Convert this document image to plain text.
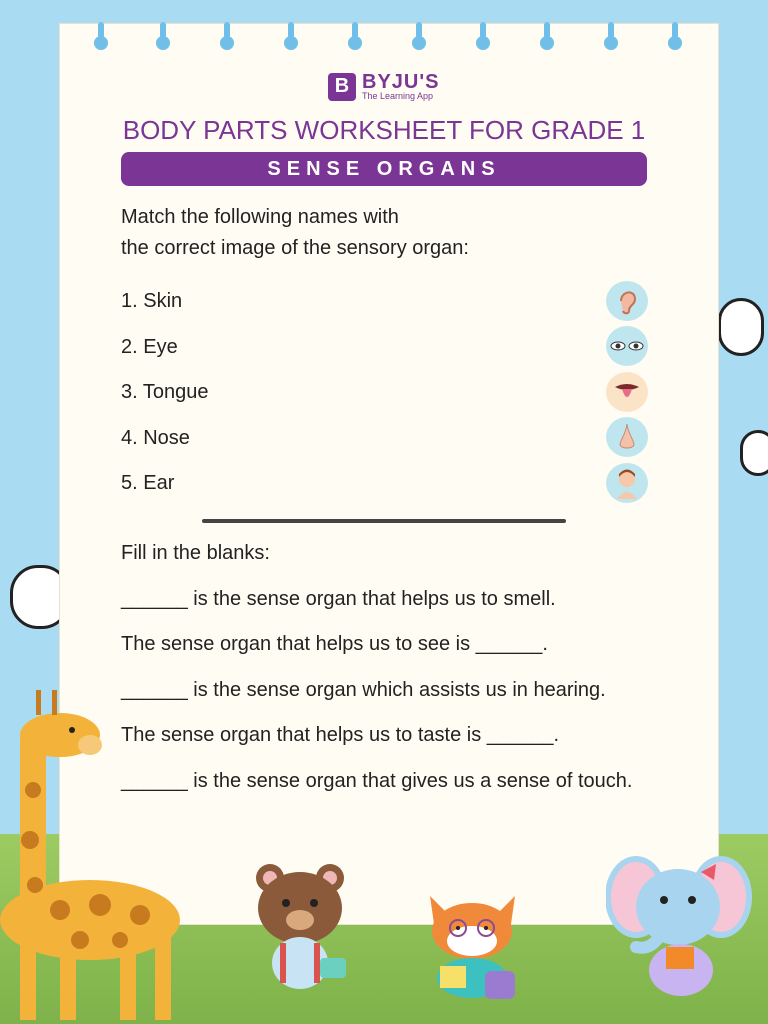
B BYJU'S
The Learning App
BODY PARTS WORKSHEET FOR GRADE 1
SENSE ORGANS
Match the following names with
the correct image of the sensory organ:
1. Skin
2. Eye
3. Tongue
4. Nose
5. Ear
Fill in the blanks:
______ is the sense organ that helps us to smell.
The sense organ that helps us to see is ______.
______ is the sense organ which assists us in hearing.
The sense organ that helps us to taste is ______.
______ is the sense organ that gives us a sense of touch.
